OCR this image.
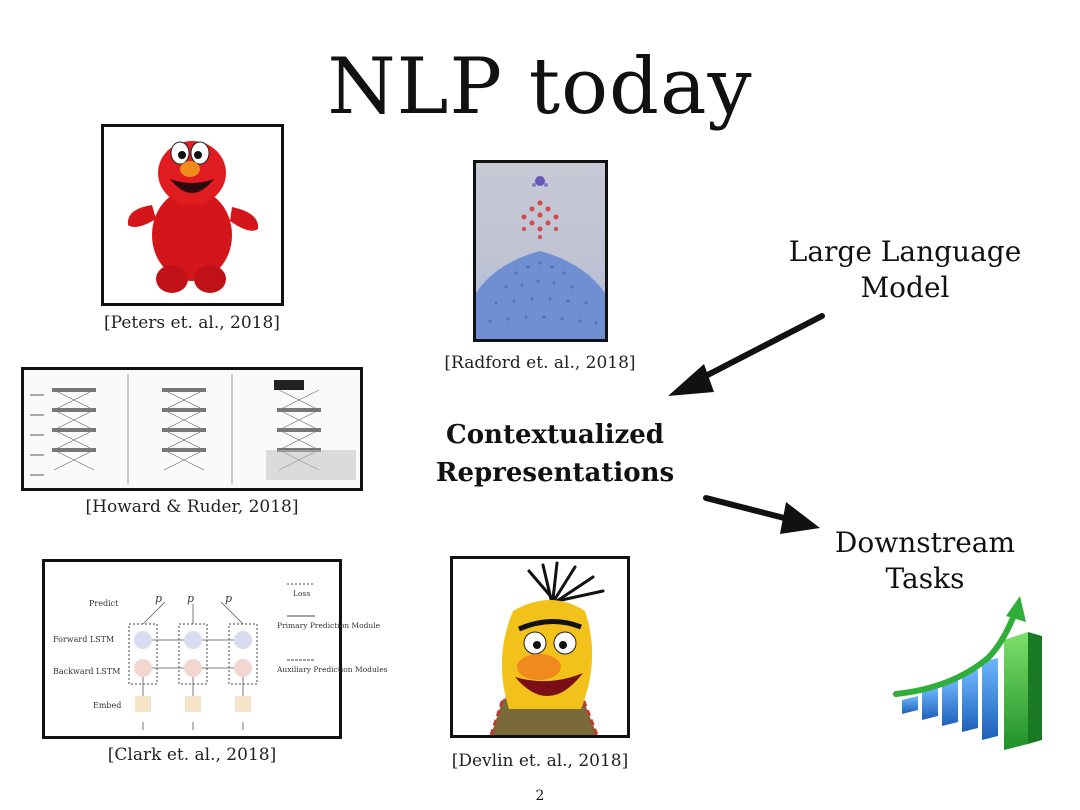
NLP today
[Peters et. al., 2018]
[Radford et. al., 2018]
[Howard & Ruder, 2018]
Predict
Forward LSTM
Backward LSTM
Embed
p p	p	Loss
Primary Prediction Module
Auxiliary Prediction Modules
[Clark et. al., 2018]	[Devlin et. al., 2018]
Contextualized
Representations
Large Language
Model
Downstream
Tasks
2
